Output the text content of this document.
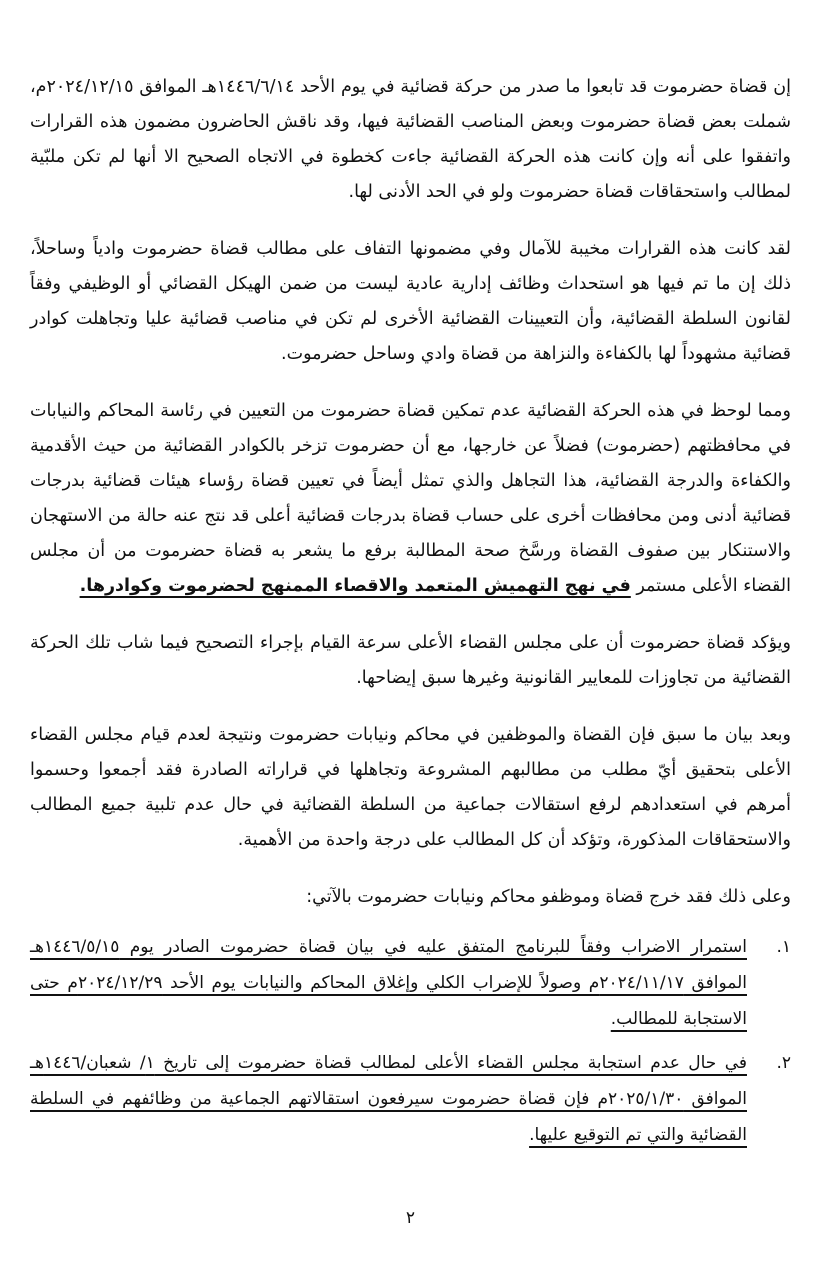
إن قضاة حضرموت قد تابعوا ما صدر من حركة قضائية في يوم الأحد ١٤٤٦/٦/١٤هـ الموافق ٢٠٢٤/١٢/١٥م، شملت بعض قضاة حضرموت وبعض المناصب القضائية فيها، وقد ناقش الحاضرون مضمون هذه القرارات واتفقوا على أنه وإن كانت هذه الحركة القضائية جاءت كخطوة في الاتجاه الصحيح الا أنها لم تكن ملبّية لمطالب واستحقاقات قضاة حضرموت ولو في الحد الأدنى لها.

لقد كانت هذه القرارات مخيبة للآمال وفي مضمونها التفاف على مطالب قضاة حضرموت وادياً وساحلاً، ذلك إن ما تم فيها هو استحداث وظائف إدارية عادية ليست من ضمن الهيكل القضائي أو الوظيفي وفقاً لقانون السلطة القضائية، وأن التعيينات القضائية الأخرى لم تكن في مناصب قضائية عليا وتجاهلت كوادر قضائية مشهوداً لها بالكفاءة والنزاهة من قضاة وادي وساحل حضرموت.

ومما لوحظ في هذه الحركة القضائية عدم تمكين قضاة حضرموت من التعيين في رئاسة المحاكم والنيابات في محافظتهم (حضرموت) فضلاً عن خارجها، مع أن حضرموت تزخر بالكوادر القضائية من حيث الأقدمية والكفاءة والدرجة القضائية، هذا التجاهل والذي تمثل أيضاً في تعيين قضاة رؤساء هيئات قضائية بدرجات قضائية أدنى ومن محافظات أخرى على حساب قضاة بدرجات قضائية أعلى قد نتج عنه حالة من الاستهجان والاستنكار بين صفوف القضاة ورسَّخ صحة المطالبة برفع ما يشعر به قضاة حضرموت من أن مجلس القضاء الأعلى مستمر في نهج التهميش المتعمد والاقصاء الممنهج لحضرموت وكوادرها.

ويؤكد قضاة حضرموت أن على مجلس القضاء الأعلى سرعة القيام بإجراء التصحيح فيما شاب تلك الحركة القضائية من تجاوزات للمعايير القانونية وغيرها سبق إيضاحها.

وبعد بيان ما سبق فإن القضاة والموظفين في محاكم ونيابات حضرموت ونتيجة لعدم قيام مجلس القضاء الأعلى بتحقيق أيّ مطلب من مطالبهم المشروعة وتجاهلها في قراراته الصادرة فقد أجمعوا وحسموا أمرهم في استعدادهم لرفع استقالات جماعية من السلطة القضائية في حال عدم تلبية جميع المطالب والاستحقاقات المذكورة، وتؤكد أن كل المطالب على درجة واحدة من الأهمية.

وعلى ذلك فقد خرج قضاة وموظفو محاكم ونيابات حضرموت بالآتي:

١.
استمرار الاضراب وفقاً للبرنامج المتفق عليه في بيان قضاة حضرموت الصادر يوم ١٤٤٦/٥/١٥هـ الموافق ٢٠٢٤/١١/١٧م وصولاً للإضراب الكلي وإغلاق المحاكم والنيابات يوم الأحد ٢٠٢٤/١٢/٢٩م حتى الاستجابة للمطالب.
٢.
في حال عدم استجابة مجلس القضاء الأعلى لمطالب قضاة حضرموت إلى تاريخ ١/ شعبان/١٤٤٦هـ الموافق ٢٠٢٥/١/٣٠م فإن قضاة حضرموت سيرفعون استقالاتهم الجماعية من وظائفهم في السلطة القضائية والتي تم التوقيع عليها.
٢
